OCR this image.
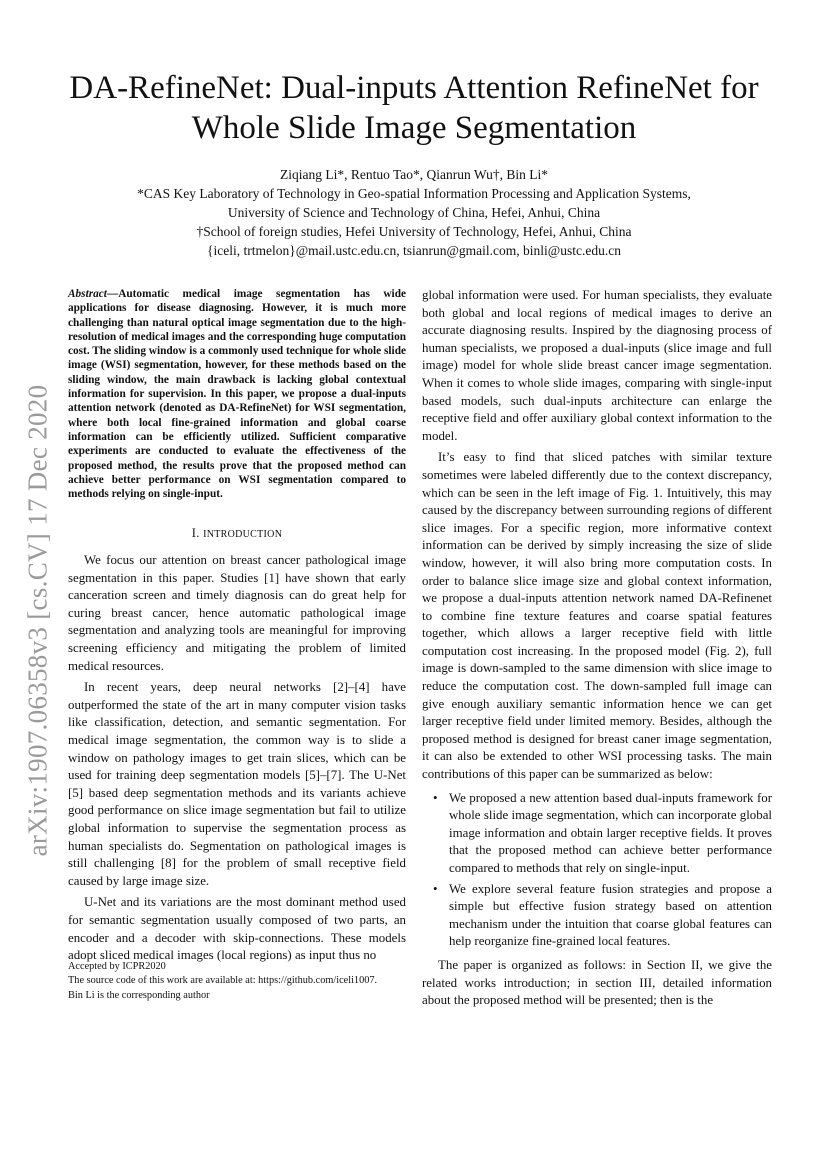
arXiv:1907.06358v3 [cs.CV] 17 Dec 2020
DA-RefineNet: Dual-inputs Attention RefineNet for
Whole Slide Image Segmentation
Ziqiang Li*, Rentuo Tao*, Qianrun Wu†, Bin Li*
*CAS Key Laboratory of Technology in Geo-spatial Information Processing and Application Systems,
University of Science and Technology of China, Hefei, Anhui, China
†School of foreign studies, Hefei University of Technology, Hefei, Anhui, China
{iceli, trtmelon}@mail.ustc.edu.cn, tsianrun@gmail.com, binli@ustc.edu.cn
Abstract—Automatic medical image segmentation has wide applications for disease diagnosing. However, it is much more challenging than natural optical image segmentation due to the high-resolution of medical images and the corresponding huge computation cost. The sliding window is a commonly used technique for whole slide image (WSI) segmentation, however, for these methods based on the sliding window, the main drawback is lacking global contextual information for supervision. In this paper, we propose a dual-inputs attention network (denoted as DA-RefineNet) for WSI segmentation, where both local fine-grained information and global coarse information can be efficiently utilized. Sufficient comparative experiments are conducted to evaluate the effectiveness of the proposed method, the results prove that the proposed method can achieve better performance on WSI segmentation compared to methods relying on single-input.
I. INTRODUCTION

We focus our attention on breast cancer pathological image segmentation in this paper. Studies [1] have shown that early canceration screen and timely diagnosis can do great help for curing breast cancer, hence automatic pathological image segmentation and analyzing tools are meaningful for improving screening efficiency and mitigating the problem of limited medical resources.

In recent years, deep neural networks [2]–[4] have outperformed the state of the art in many computer vision tasks like classification, detection, and semantic segmentation. For medical image segmentation, the common way is to slide a window on pathology images to get train slices, which can be used for training deep segmentation models [5]–[7]. The U-Net [5] based deep segmentation methods and its variants achieve good performance on slice image segmentation but fail to utilize global information to supervise the segmentation process as human specialists do. Segmentation on pathological images is still challenging [8] for the problem of small receptive field caused by large image size.

U-Net and its variations are the most dominant method used for semantic segmentation usually composed of two parts, an encoder and a decoder with skip-connections. These models adopt sliced medical images (local regions) as input thus no

Accepted by ICPR2020
The source code of this work are available at: https://github.com/iceli1007.
Bin Li is the corresponding author

global information were used. For human specialists, they evaluate both global and local regions of medical images to derive an accurate diagnosing results. Inspired by the diagnosing process of human specialists, we proposed a dual-inputs (slice image and full image) model for whole slide breast cancer image segmentation. When it comes to whole slide images, comparing with single-input based models, such dual-inputs architecture can enlarge the receptive field and offer auxiliary global context information to the model.

It’s easy to find that sliced patches with similar texture sometimes were labeled differently due to the context discrepancy, which can be seen in the left image of Fig. 1. Intuitively, this may caused by the discrepancy between surrounding regions of different slice images. For a specific region, more informative context information can be derived by simply increasing the size of slide window, however, it will also bring more computation costs. In order to balance slice image size and global context information, we propose a dual-inputs attention network named DA-Refinenet to combine fine texture features and coarse spatial features together, which allows a larger receptive field with little computation cost increasing. In the proposed model (Fig. 2), full image is down-sampled to the same dimension with slice image to reduce the computation cost. The down-sampled full image can give enough auxiliary semantic information hence we can get larger receptive field under limited memory. Besides, although the proposed method is designed for breast caner image segmentation, it can also be extended to other WSI processing tasks. The main contributions of this paper can be summarized as below:

• We proposed a new attention based dual-inputs framework for whole slide image segmentation, which can incorporate global image information and obtain larger receptive fields. It proves that the proposed method can achieve better performance compared to methods that rely on single-input.
• We explore several feature fusion strategies and propose a simple but effective fusion strategy based on attention mechanism under the intuition that coarse global features can help reorganize fine-grained local features.

The paper is organized as follows: in Section II, we give the related works introduction; in section III, detailed information about the proposed method will be presented; then is the
